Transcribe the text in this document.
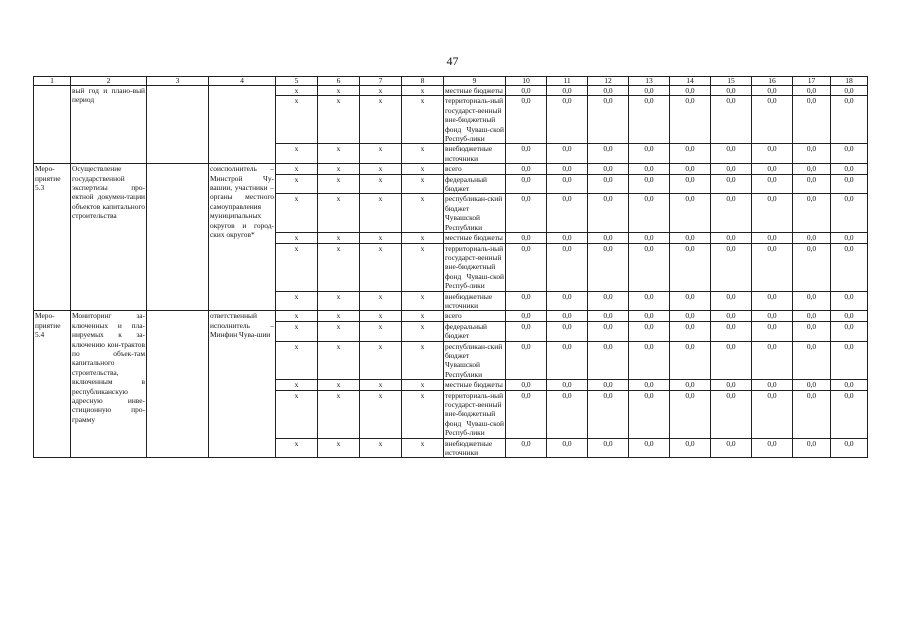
47
1	2	3	4	5	6	7	8	9	10	11	12	13	14	15	16	17	18
	вый год и плано-вый период			x	x	x	x	местные бюджеты	0,0	0,0	0,0	0,0	0,0	0,0	0,0	0,0	0,0
				x	x	x	x	территориаль-ный государст-венный вне-бюджетный фонд Чуваш-ской Респуб-лики	0,0	0,0	0,0	0,0	0,0	0,0	0,0	0,0	0,0
				x	x	x	x	внебюджетные источники	0,0	0,0	0,0	0,0	0,0	0,0	0,0	0,0	0,0
Меро-приятие 5.3	Осуществление государственной экспертизы про-ектной докумен-тации объектов капитального строительства		соисполнитель – Минстрой Чу-вашии, участники – органы местного самоуправления муниципальных округов и город-ских округов*	x	x	x	x	всего	0,0	0,0	0,0	0,0	0,0	0,0	0,0	0,0	0,0
				x	x	x	x	федеральный бюджет	0,0	0,0	0,0	0,0	0,0	0,0	0,0	0,0	0,0
				x	x	x	x	республикан-ский бюджет Чувашской Республики	0,0	0,0	0,0	0,0	0,0	0,0	0,0	0,0	0,0
				x	x	x	x	местные бюджеты	0,0	0,0	0,0	0,0	0,0	0,0	0,0	0,0	0,0
				x	x	x	x	территориаль-ный государст-венный вне-бюджетный фонд Чуваш-ской Респуб-лики	0,0	0,0	0,0	0,0	0,0	0,0	0,0	0,0	0,0
				x	x	x	x	внебюджетные источники	0,0	0,0	0,0	0,0	0,0	0,0	0,0	0,0	0,0
Меро-приятие 5.4	Мониторинг за-ключенных и пла-нируемых к за-ключению кон-трактов по объек-там капитального строительства, включенным в республиканскую адресную инве-стиционную про-грамму		ответственный исполнитель – Минфин Чува-шии	x	x	x	x	всего	0,0	0,0	0,0	0,0	0,0	0,0	0,0	0,0	0,0
				x	x	x	x	федеральный бюджет	0,0	0,0	0,0	0,0	0,0	0,0	0,0	0,0	0,0
				x	x	x	x	республикан-ский бюджет Чувашской Республики	0,0	0,0	0,0	0,0	0,0	0,0	0,0	0,0	0,0
				x	x	x	x	местные бюджеты	0,0	0,0	0,0	0,0	0,0	0,0	0,0	0,0	0,0
				x	x	x	x	территориаль-ный государст-венный вне-бюджетный фонд Чуваш-ской Респуб-лики	0,0	0,0	0,0	0,0	0,0	0,0	0,0	0,0	0,0
				x	x	x	x	внебюджетные источники	0,0	0,0	0,0	0,0	0,0	0,0	0,0	0,0	0,0
